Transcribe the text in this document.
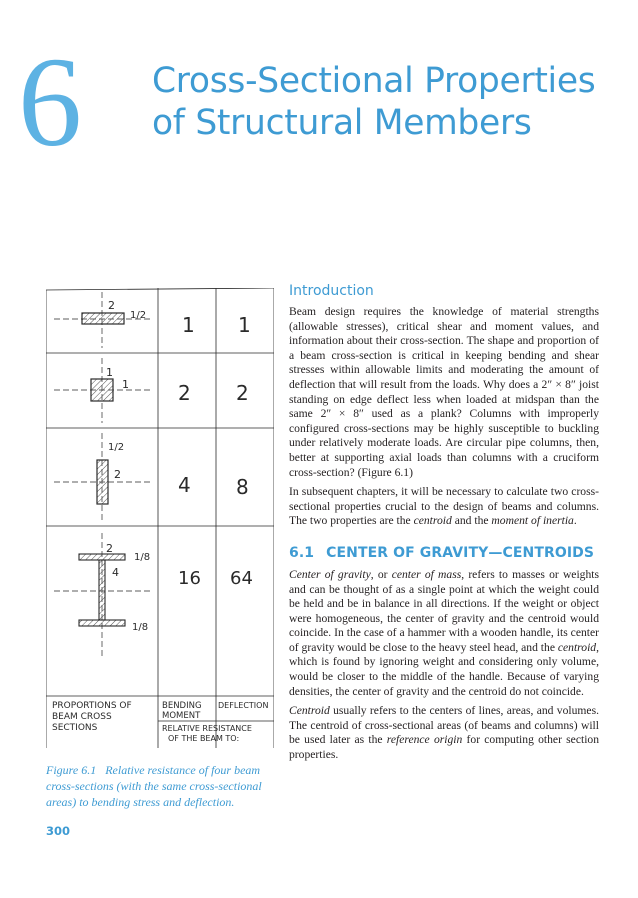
6 Cross-Sectional Properties
of Structural Members
2
1/2 1 1
1
1 2 2
1/2
2	4 8
2
1/8
4
1/8
16 64
PROPORTIONS OF
BEAM CROSS
SECTIONS
BENDING
MOMENT
DEFLECTION
RELATIVE RESISTANCE
OF THE BEAM TO:
Figure 6.1 Relative resistance of four beam cross-sections (with the same cross-sectional areas) to bending stress and deflection.
300
Introduction

Beam design requires the knowledge of material strengths (allowable stresses), critical shear and moment values, and information about their cross-section. The shape and proportion of a beam cross-section is critical in keeping bending and shear stresses within allowable limits and moderating the amount of deflection that will result from the loads. Why does a 2″ × 8″ joist standing on edge deflect less when loaded at midspan than the same 2″ × 8″ used as a plank? Columns with improperly configured cross-sections may be highly susceptible to buckling under relatively moderate loads. Are circular pipe columns, then, better at supporting axial loads than columns with a cruciform cross-section? (Figure 6.1)

In subsequent chapters, it will be necessary to calculate two cross-sectional properties crucial to the design of beams and columns. The two properties are the centroid and the moment of inertia.

6.1 CENTER OF GRAVITY—CENTROIDS

Center of gravity, or center of mass, refers to masses or weights and can be thought of as a single point at which the weight could be held and be in balance in all directions. If the weight or object were homogeneous, the center of gravity and the centroid would coincide. In the case of a hammer with a wooden handle, its center of gravity would be close to the heavy steel head, and the centroid, which is found by ignoring weight and considering only volume, would be closer to the middle of the handle. Because of varying densities, the center of gravity and the centroid do not coincide.

Centroid usually refers to the centers of lines, areas, and volumes. The centroid of cross-sectional areas (of beams and columns) will be used later as the reference origin for computing other section properties.
